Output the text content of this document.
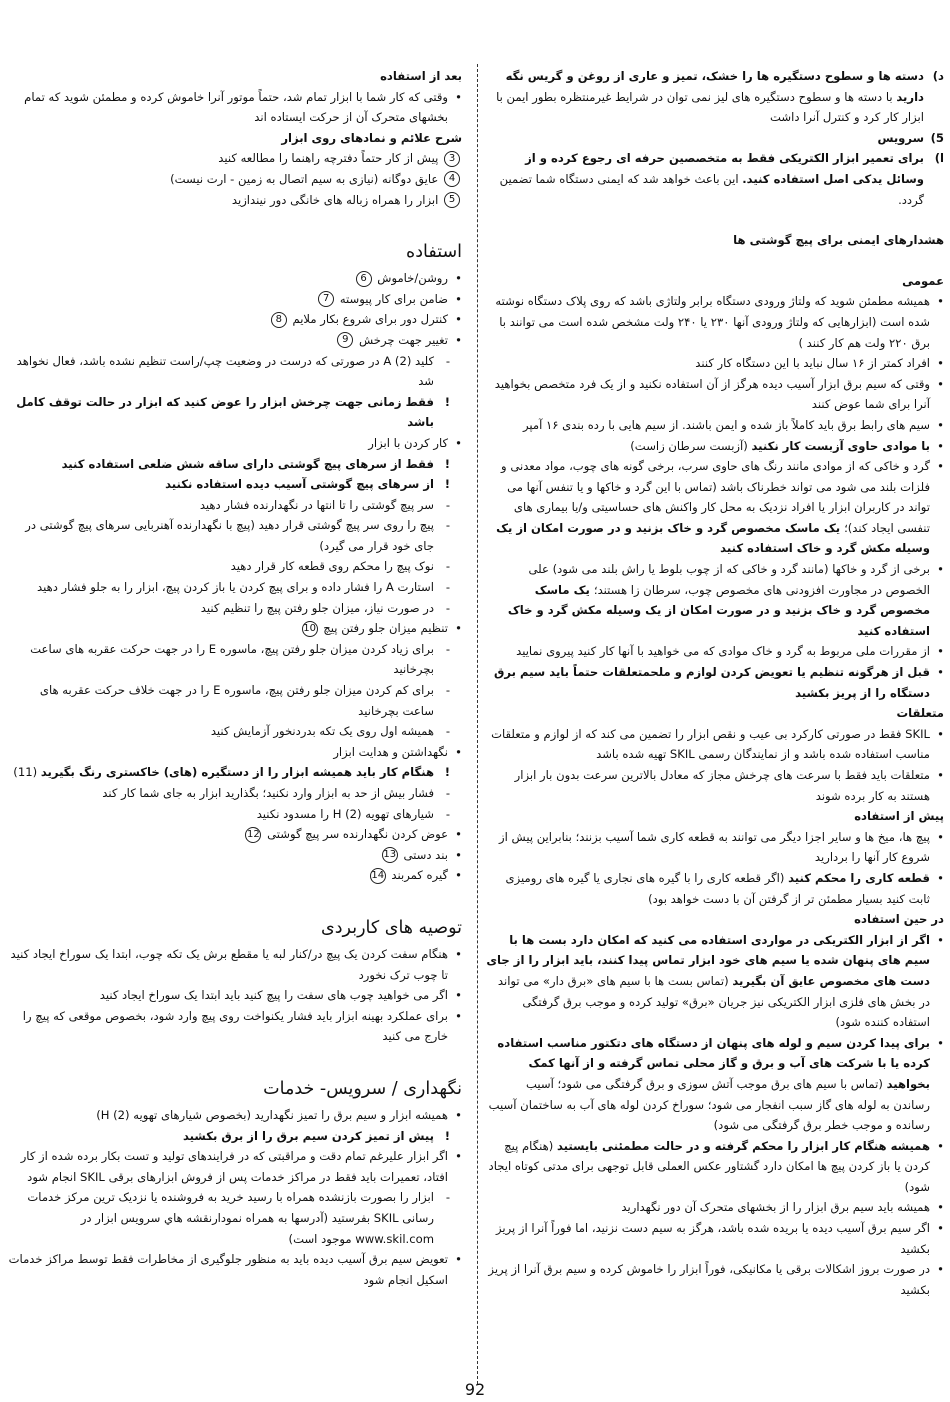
د)
دسته ها و سطوح دستگیره ها را خشک، تمیز و عاری از روغن و گریس نگه دارید با دسته ها و سطوح دستگیره های لیز نمی توان در شرایط غیرمنتظره بطور ایمن با ابزار کار کرد و کنترل آنرا داشت
5)
سرویس
ا)
برای تعمیر ابزار الکتریکی فقط به متخصصین حرفه ای رجوع کرده و از وسائل یدکی اصل استفاده کنید. این باعث خواهد شد که ایمنی دستگاه شما تضمین گردد.

هشدارهای ایمنی برای پیچ گوشتی ها

عمومی

•
همیشه مطمئن شوید که ولتاژ ورودی دستگاه برابر ولتاژی باشد که روی پلاک دستگاه نوشته شده است (ابزارهایی که ولتاژ ورودی آنها ۲۳۰ یا ۲۴۰ ولت مشخص شده است می توانند با برق ۲۲۰ ولت هم کار کنند )
•
افراد کمتر از ۱۶ سال نباید با این دستگاه کار کنند
•
وقتی که سیم برق ابزار آسیب دیده هرگز از آن استفاده نکنید و از یک فرد متخصص بخواهید آنرا برای شما عوض کنند
•
سیم های رابط برق باید کاملاً باز شده و ایمن باشند. از سیم هایی با رده بندی ۱۶ آمپر
•
با موادی حاوی آزبست کار نکنید (آزبست سرطان زاست)
•
گرد و خاکی که از موادی مانند رنگ های حاوی سرب، برخی گونه های چوب، مواد معدنی و فلزات بلند می شود می تواند خطرناک باشد (تماس با این گرد و خاکها و یا تنفس آنها می تواند در کاربران ابزار یا افراد نزدیک به محل کار واکنش های حساسیتی و/یا بیماری های تنفسی ایجاد کند)؛ یک ماسک مخصوص گرد و خاک بزنید و در صورت امکان از یک وسیله مکش گرد و خاک استفاده کنید
•
برخی از گرد و خاکها (مانند گرد و خاکی که از چوب بلوط یا راش بلند می شود) علی الخصوص در مجاورت افزودنی های مخصوص چوب، سرطان زا هستند؛ یک ماسک مخصوص گرد و خاک بزنید و در صورت امکان از یک وسیله مکش گرد و خاک استفاده کنید
•
از مقررات ملی مربوط به گرد و خاک موادی که می خواهید با آنها کار کنید پیروی نمایید
•
قبل از هرگونه تنظیم یا تعویض کردن لوازم و ملحمتعلقات حتماً باید سیم برق دستگاه را از پریز بکشید

متعلقات

•
SKIL فقط در صورتی کارکرد بی عیب و نقص ابزار را تضمین می کند که از لوازم و متعلقات مناسب استفاده شده باشد و از نمایندگان رسمی SKIL تهیه شده باشد
•
متعلقات باید فقط با سرعت های چرخش مجاز که معادل بالاترین سرعت بدون بار ابزار هستند به کار برده شوند

پیش از استفاده

•
پیچ ها، میخ ها و سایر اجزا دیگر می توانند به قطعه کاری شما آسیب بزنند؛ بنابراین پیش از شروع کار آنها را بردارید
•
قطعه کاری را محکم کنید (اگر قطعه کاری را با گیره های نجاری یا گیره های رومیزی ثابت کنید بسیار مطمئن تر از گرفتن آن با دست خواهد بود)

در حین استفاده

•
اگر از ابزار الکتریکی در مواردی استفاده می کنید که امکان دارد بست ها با سیم های پنهان شده یا سیم های خود ابزار تماس پیدا کنند، باید ابزار را از جای دست های مخصوص عایق آن بگیرید (تماس بست ها با سیم های «برق دار» می تواند در بخش های فلزی ابزار الکتریکی نیز جریان «برق» تولید کرده و موجب برق گرفتگی استفاده کننده شود)
•
برای پیدا کردن سیم و لوله های پنهان از دستگاه های دتکتور مناسب استفاده کرده یا با شرکت های آب و برق و گاز محلی تماس گرفته و از آنها کمک بخواهید (تماس با سیم های برق موجب آتش سوزی و برق گرفتگی می شود؛ آسیب رساندن به لوله های گاز سبب انفجار می شود؛ سوراخ کردن لوله های آب به ساختمان آسیب رسانده و موجب خطر برق گرفتگی می شود)
•
همیشه هنگام کار ابزار را محکم گرفته و در حالت مطمئنی بایستید (هنگام پیچ کردن یا باز کردن پیچ ها امکان دارد گشتاور عکس العملی قابل توجهی برای مدتی کوتاه ایجاد شود)
•
همیشه باید سیم برق ابزار را از بخشهای متحرک آن دور نگهدارید
•
اگر سیم برق آسیب دیده یا بریده شده باشد، هرگز به سیم دست نزنید، اما فوراً آنرا از پریز بکشید
•
در صورت بروز اشکالات برقی یا مکانیکی، فوراً ابزار را خاموش کرده و سیم برق آنرا از پریز بکشید

بعد از استفاده

•
وقتی که کار شما با ابزار تمام شد، حتماً موتور آنرا خاموش کرده و مطمئن شوید که تمام بخشهای متحرک آن از حرکت ایستاده اند

شرح علائم و نمادهای روی ابزار

3 پیش از کار حتماً دفترچه راهنما را مطالعه کنید

4 عایق دوگانه (نیازی به سیم اتصال به زمین - ارت نیست)

5 ابزار را همراه زباله های خانگی دور نیندازید

استفاده

•
روشن/خاموش 6
•
ضامن برای کار پیوسته 7
•
کنترل دور برای شروع بکار ملایم 8
•
تغییر جهت چرخش 9
-
کلید A (2) در صورتی که درست در وضعیت چپ/راست تنظیم نشده باشد، فعال نخواهد شد
!
فقط زمانی جهت چرخش ابزار را عوض کنید که ابزار در حالت توقف کامل باشد
•
کار کردن با ابزار
!
فقط از سرهای پیچ گوشتی دارای ساقه شش ضلعی استفاده کنید
!
از سرهای پیچ گوشتی آسیب دیده استفاده نکنید
-
سر پیچ گوشتی را تا انتها در نگهدارنده فشار دهید
-
پیچ را روی سر پیچ گوشتی قرار دهید (پیچ با نگهدارنده آهنربایی سرهای پیچ گوشتی در جای خود قرار می گیرد)
-
نوک پیچ را محکم روی قطعه کار قرار دهید
-
استارت A را فشار داده و برای پیچ کردن یا باز کردن پیچ، ابزار را به جلو فشار دهید
-
در صورت نیاز، میزان جلو رفتن پیچ را تنظیم کنید
•
تنظیم میزان جلو رفتن پیچ 10
-
برای زیاد کردن میزان جلو رفتن پیچ، ماسوره E را در جهت حرکت عقربه های ساعت بچرخانید
-
برای کم کردن میزان جلو رفتن پیچ، ماسوره E را در جهت خلاف حرکت عقربه های ساعت بچرخانید
-
همیشه اول روی یک تکه بدردنخور آزمایش کنید
•
نگهداشتن و هدایت ابزار
!
هنگام کار باید همیشه ابزار را از دستگیره (های) خاکستری رنگ بگیرید (11)
-
فشار بیش از حد به ابزار وارد نکنید؛ بگذارید ابزار به جای شما کار کند
-
شیارهای تهویه H (2) را مسدود نکنید
•
عوض کردن نگهدارنده سر پیچ گوشتی 12
•
بند دستی 13
•
گیره کمربند 14

توصیه های کاربردی

•
هنگام سفت کردن یک پیچ در/کنار لبه یا مقطع برش یک تکه چوب، ابتدا یک سوراخ ایجاد کنید تا چوب ترک نخورد
•
اگر می خواهید چوب های سفت را پیچ کنید باید ابتدا یک سوراخ ایجاد کنید
•
برای عملکرد بهینه ابزار باید فشار یکنواخت روی پیچ وارد شود، بخصوص موقعی که پیچ را خارج می کنید

نگهداری / سرویس- خدمات

•
همیشه ابزار و سیم برق را تمیز نگهدارید (بخصوص شیارهای تهویه H (2))
!
پیش از تمیز کردن سیم برق را از برق بکشید
•
اگر ابزار علیرغم تمام دقت و مراقبتی که در فرایندهای تولید و تست بکار برده شده از کار افتاد، تعمیرات باید فقط در مراکز خدمات پس از فروش ابزارهای برقی SKIL انجام شود
-
ابزار را بصورت بازنشده همراه با رسید خرید به فروشنده یا نزدیک ترین مرکز خدمات رسانی SKIL بفرستید (آدرسها به همراه نمودارنقشه هاي سرويس ابزار در www.skil.com موجود است)
•
تعویض سیم برق آسیب دیده باید به منظور جلوگیری از مخاطرات فقط توسط مراکز خدمات اسکیل انجام شود
92
